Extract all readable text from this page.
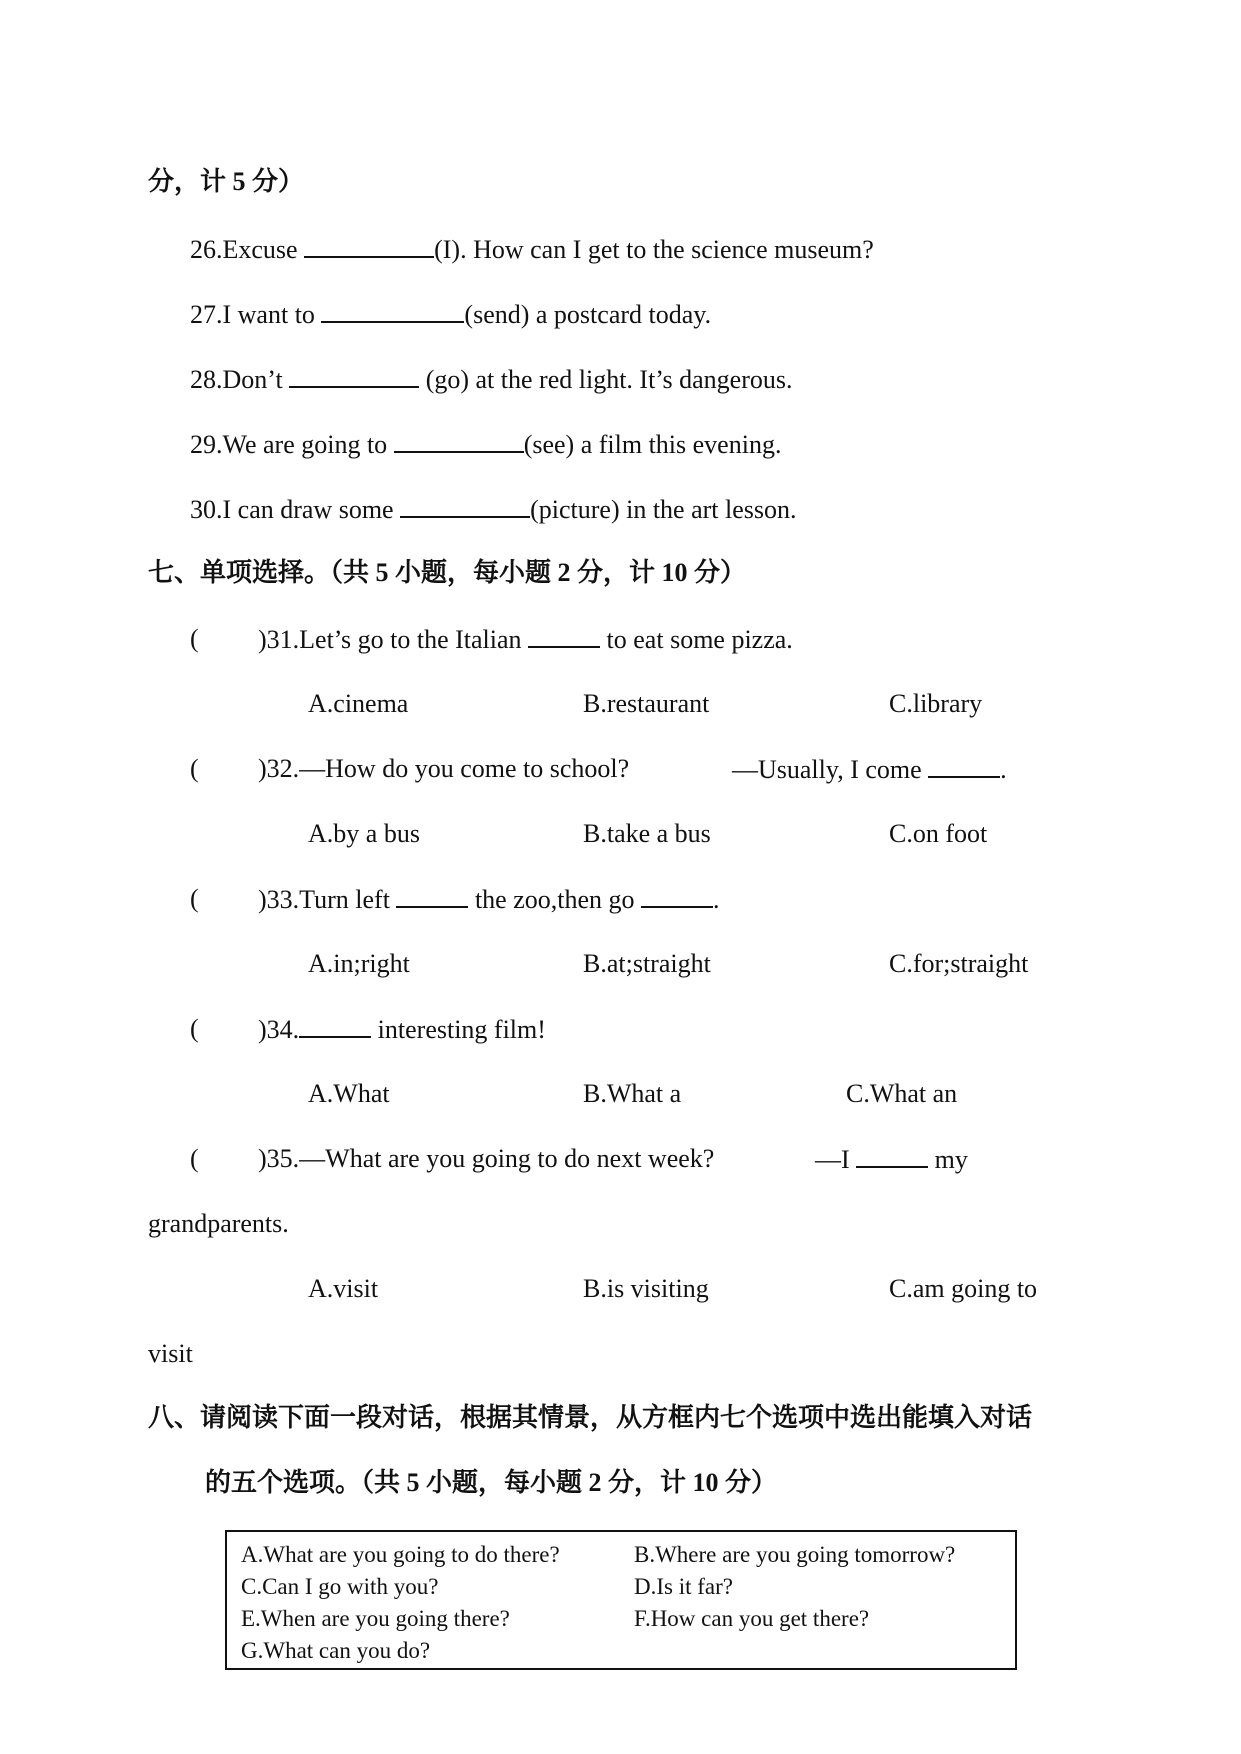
分，计 5 分）
26.Excuse	(I). How can I get to the science museum?
27.I want to	(send) a postcard today.
28.Don’t	(go) at the red light. It’s dangerous.
29.We are going to	(see) a film this evening.
30.I can draw some	(picture) in the art lesson.
七、单项选择。（共 5 小题，每小题 2 分，计 10 分）
( )31.Let’s go to the Italian	to eat some pizza.
A.cinema	B.restaurant	C.library
( )32.—How do you come to school?	—Usually, I come	.
A.by a bus	B.take a bus	C.on foot
( )33.Turn left	the zoo,then go	.
A.in;right	B.at;straight	C.for;straight
( )34.	interesting film!
A.What	B.What a	C.What an
( )35.—What are you going to do next week?	—I	my
grandparents.
A.visit	B.is visiting	C.am going to
visit
八、请阅读下面一段对话，根据其情景，从方框内七个选项中选出能填入对话
的五个选项。（共 5 小题，每小题 2 分，计 10 分）
A.What are you going to do there?	B.Where are you going tomorrow?
C.Can I go with you?	D.Is it far?
E.When are you going there?	F.How can you get there?
G.What can you do?
